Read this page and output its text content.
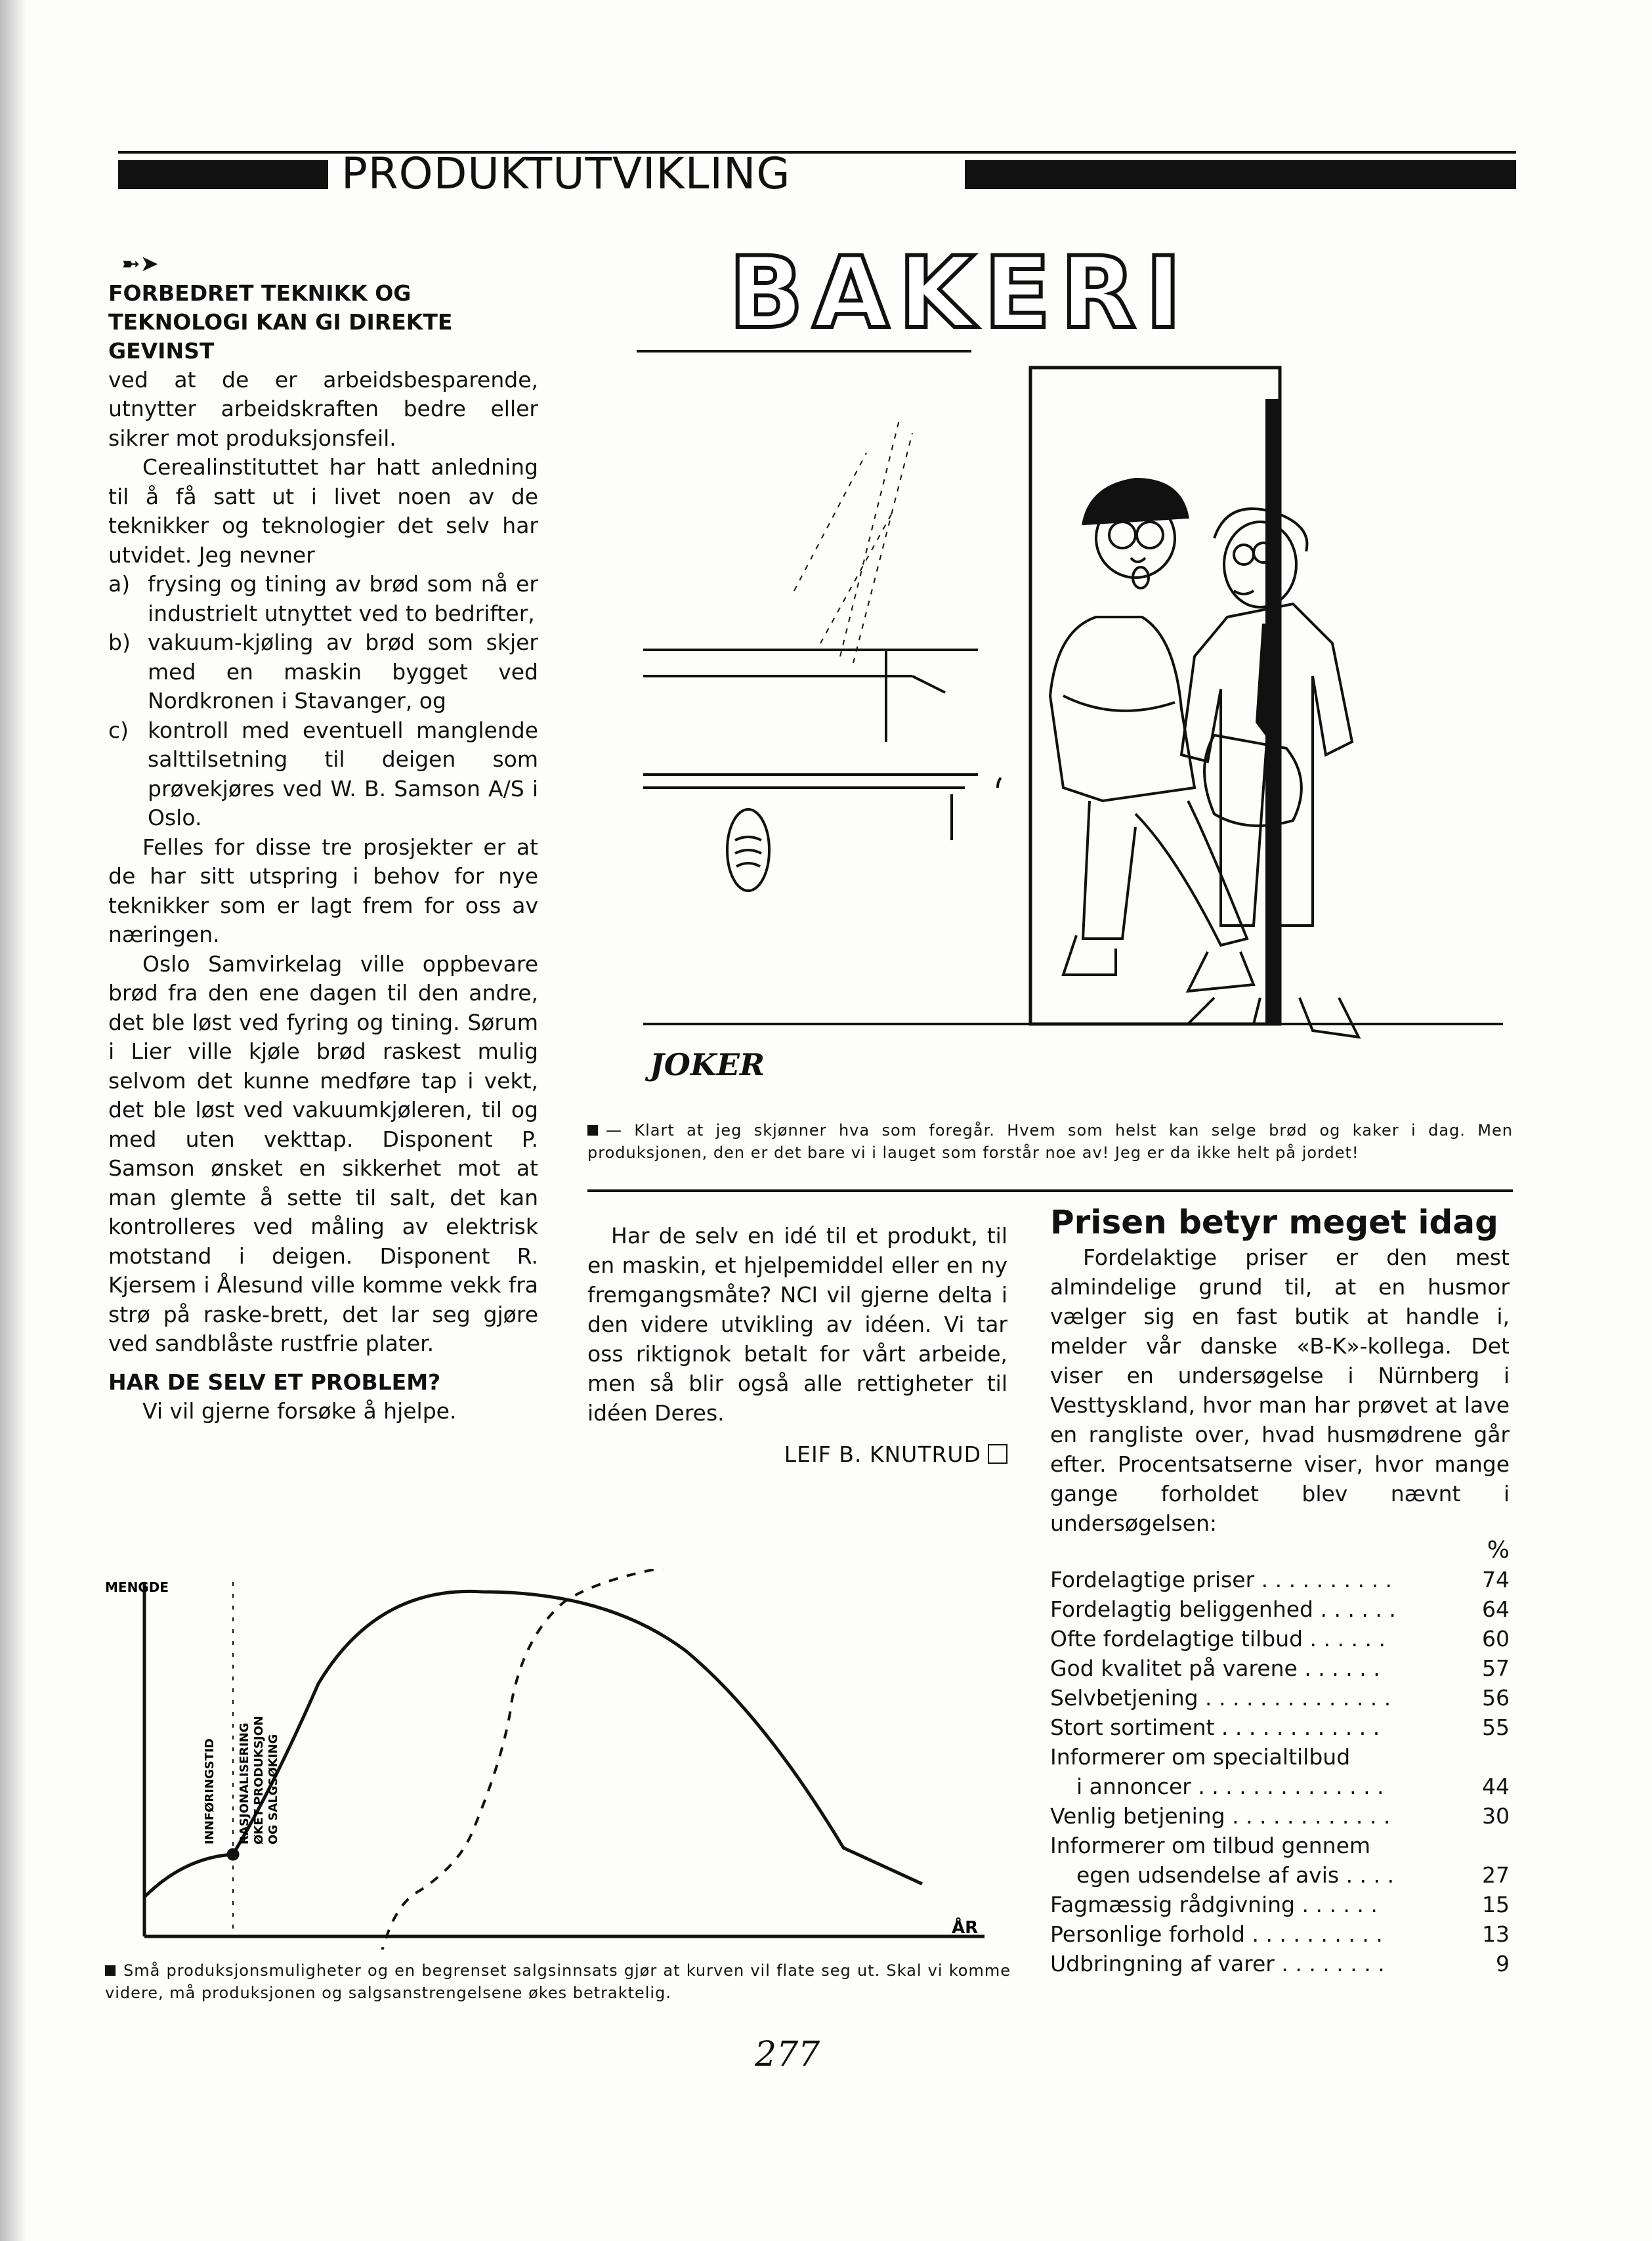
PRODUKTUTVIKLING
➼➤
FORBEDRET TEKNIKK OG TEKNOLOGI KAN GI DIREKTE GEVINST

ved at de er arbeidsbesparende, utnytter arbeidskraften bedre eller sikrer mot produksjonsfeil.

Cerealinstituttet har hatt anledning til å få satt ut i livet noen av de teknikker og teknologier det selv har utvidet. Jeg nevner

a) frysing og tining av brød som nå er industrielt utnyttet ved to bedrifter,
b) vakuum-kjøling av brød som skjer med en maskin bygget ved Nordkronen i Stavanger, og
c) kontroll med eventuell manglende salttilsetning til deigen som prøvekjøres ved W. B. Samson A/S i Oslo.

Felles for disse tre prosjekter er at de har sitt utspring i behov for nye teknikker som er lagt frem for oss av næringen.

Oslo Samvirkelag ville oppbevare brød fra den ene dagen til den andre, det ble løst ved fyring og tining. Sørum i Lier ville kjøle brød raskest mulig selvom det kunne medføre tap i vekt, det ble løst ved vakuumkjøleren, til og med uten vekttap. Disponent P. Samson ønsket en sikkerhet mot at man glemte å sette til salt, det kan kontrolleres ved måling av elektrisk motstand i deigen. Disponent R. Kjersem i Ålesund ville komme vekk fra strø på raske-brett, det lar seg gjøre ved sandblåste rustfrie plater.

HAR DE SELV ET PROBLEM?

Vi vil gjerne forsøke å hjelpe.

BAKERI
JOKER
— Klart at jeg skjønner hva som foregår. Hvem som helst kan selge brød og kaker i dag. Men produksjonen, den er det bare vi i lauget som forstår noe av! Jeg er da ikke helt på jordet!

Har de selv en idé til et produkt, til en maskin, et hjelpemiddel eller en ny fremgangsmåte? NCI vil gjerne delta i den videre utvikling av idéen. Vi tar oss riktignok betalt for vårt arbeide, men så blir også alle rettigheter til idéen Deres.

LEIF B. KNUTRUD

Prisen betyr meget idag

Fordelaktige priser er den mest almindelige grund til, at en husmor vælger sig en fast butik at handle i, melder vår danske «B-K»-kollega. Det viser en undersøgelse i Nürnberg i Vesttyskland, hvor man har prøvet at lave en rangliste over, hvad husmødrene går efter. Procentsatserne viser, hvor mange gange forholdet blev nævnt i undersøgelsen:

%
Fordelagtige priser . . . . . . . . . .	74
Fordelagtig beliggenhed . . . . . .	64
Ofte fordelagtige tilbud . . . . . .	60
God kvalitet på varene . . . . . .	57
Selvbetjening . . . . . . . . . . . . . .	56
Stort sortiment . . . . . . . . . . . .	55
Informerer om specialtilbud
i annoncer . . . . . . . . . . . . . .	44
Venlig betjening . . . . . . . . . . . .	30
Informerer om tilbud gennem
egen udsendelse af avis . . . .	27
Fagmæssig rådgivning . . . . . .	15
Personlige forhold . . . . . . . . . .	13
Udbringning af varer . . . . . . . .	9
MENGDE
ÅR
INNFØRINGSTID RASJONALISERING ØKET PRODUKSJON OG SALGSØKING
Små produksjonsmuligheter og en begrenset salgsinnsats gjør at kurven vil flate seg ut. Skal vi komme videre, må produksjonen og salgsanstrengelsene økes betraktelig.
277
